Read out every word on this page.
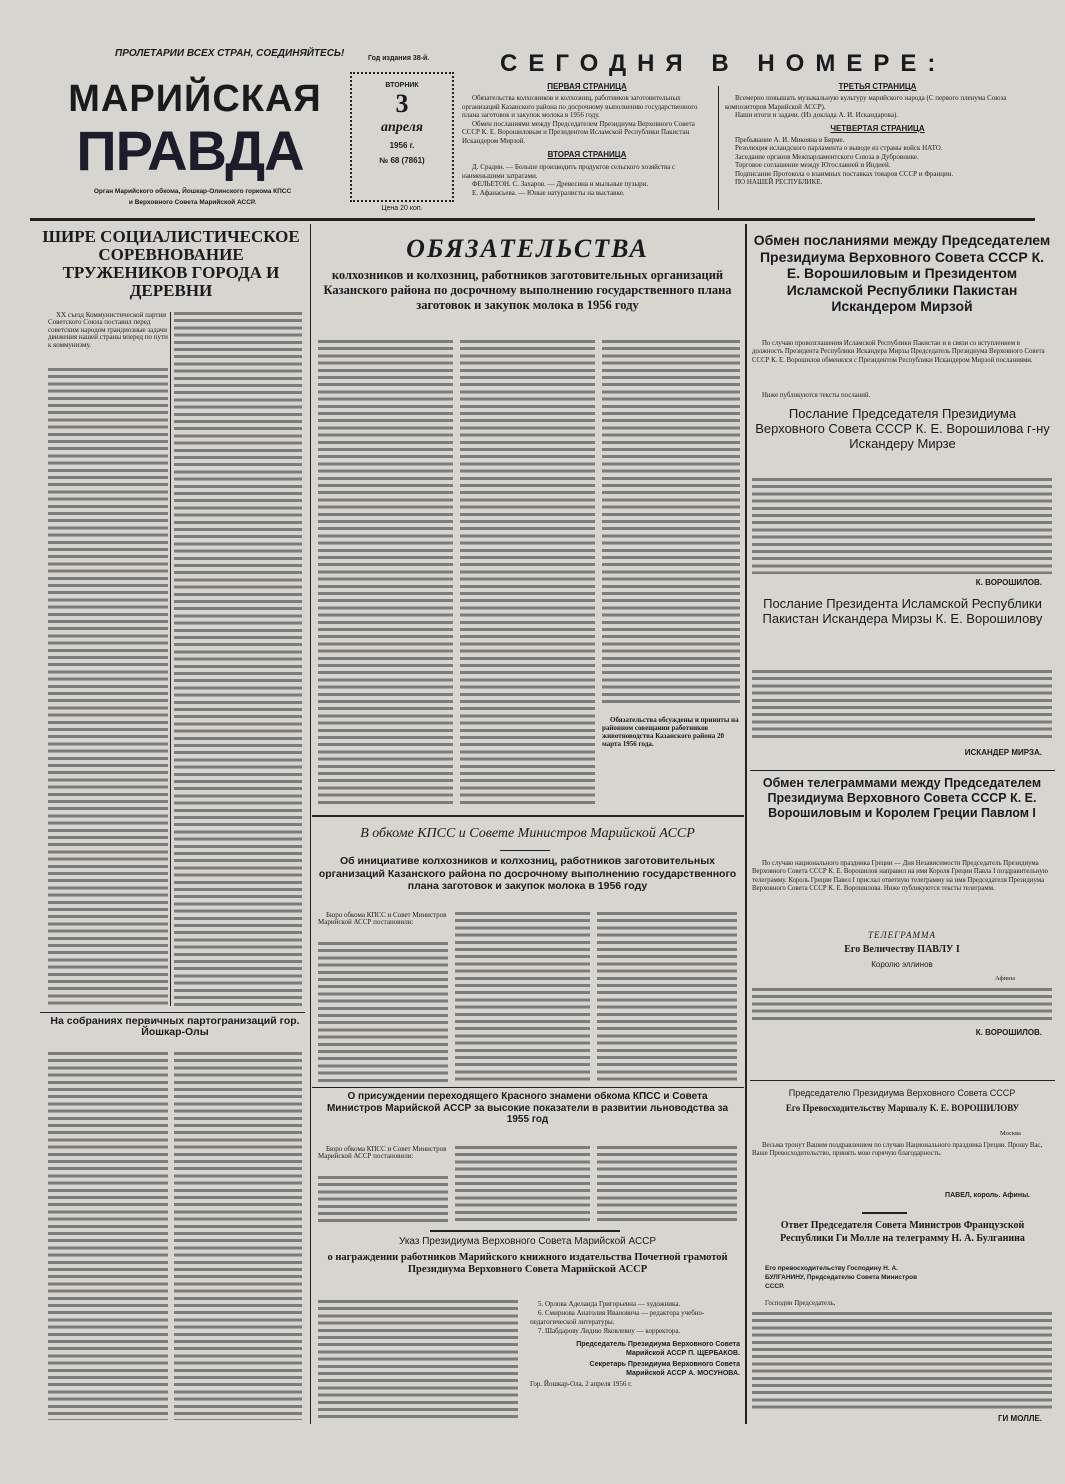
ПРОЛЕТАРИИ ВСЕХ СТРАН, СОЕДИНЯЙТЕСЬ!
МАРИЙСКАЯ
ПРАВДА
Орган Марийского обкома, Йошкар-Олинского горкома КПСС
и Верховного Совета Марийской АССР.
Год издания 38-й.
ВТОРНИК
3
апреля
1956 г.
№ 68 (7861)
Цена 20 коп.
СЕГОДНЯ В НОМЕРЕ:
ПЕРВАЯ СТРАНИЦА
Обязательства колхозников и колхозниц, работников заготовительных организаций Казанского района по досрочному выполнению государственного плана заготовок и закупок молока в 1956 году.
Обмен посланиями между Председателем Президиума Верховного Совета СССР К. Е. Ворошиловым и Президентом Исламской Республики Пакистан Искандером Мирзой.
ВТОРАЯ СТРАНИЦА
Д. Срадин. — Больше производить продуктов сельского хозяйства с наименьшими затратами.
ФЕЛЬЕТОН. С. Захаров. — Древесина и мыльные пузыри.
Е. Афанасьева. — Юные натуралисты на выставке.
ТРЕТЬЯ СТРАНИЦА
Всемерно повышать музыкальную культуру марийского народа (С первого пленума Союза композиторов Марийской АССР).
Наши итоги и задачи. (Из доклада А. И. Искандарова).
ЧЕТВЕРТАЯ СТРАНИЦА
Пребывание А. И. Микояна в Бирме.
Резолюция исландского парламента о выводе из страны войск НАТО.
Заседание органов Межпарламентского Союза в Дубровнике.
Торговое соглашение между Югославией и Индией.
Подписание Протокола о взаимных поставках товаров СССР и Франции.
ПО НАШЕЙ РЕСПУБЛИКЕ.
ШИРЕ СОЦИАЛИСТИЧЕСКОЕ СОРЕВНОВАНИЕ ТРУЖЕНИКОВ ГОРОДА И ДЕРЕВНИ
XX съезд Коммунистической партии Советского Союза поставил перед советским народом грандиозные задачи движения нашей страны вперед по пути к коммунизму.
На собраниях первичных партогранизаций гор. Йошкар-Олы
ОБЯЗАТЕЛЬСТВА
колхозников и колхозниц, работников заготовительных организаций Казанского района по досрочному выполнению государственного плана заготовок и закупок молока в 1956 году
Обязательства обсуждены и приняты на районном совещании работников животноводства Казанского района 20 марта 1956 года.
В обкоме КПСС и Совете Министров Марийской АССР
Об инициативе колхозников и колхозниц, работников заготовительных организаций Казанского района по досрочному выполнению государственного плана заготовок и закупок молока в 1956 году
Бюро обкома КПСС и Совет Министров Марийской АССР постановили:
О присуждении переходящего Красного знамени обкома КПСС и Совета Министров Марийской АССР за высокие показатели в развитии льноводства за 1955 год
Бюро обкома КПСС и Совет Министров Марийской АССР постановили:
Указ Президиума Верховного Совета Марийской АССР
о награждении работников Марийского книжного издательства Почетной грамотой Президиума Верховного Совета Марийской АССР
5. Орлова Аделаида Григорьевна — художника.
6. Смирнова Анатолия Ивановича — редактора учебно-педагогической литературы.
7. Шабдарову Лидию Яковлевну — корректора.
Председатель Президиума Верховного Совета Марийской АССР П. ЩЕРБАКОВ.
Секретарь Президиума Верховного Совета Марийской АССР А. МОСУНОВА.
Гор. Йошкар-Ола, 2 апреля 1956 г.
Обмен посланиями между Председателем Президиума Верховного Совета СССР К. Е. Ворошиловым и Президентом Исламской Республики Пакистан Искандером Мирзой
По случаю провозглашения Исламской Республики Пакистан и в связи со вступлением в должность Президента Республики Искандера Мирзы Председатель Президиума Верховного Совета СССР К. Е. Ворошилов обменялся с Президентом Республики Искандером Мирзой посланиями.
Ниже публикуются тексты посланий.
Послание Председателя Президиума Верховного Совета СССР К. Е. Ворошилова г-ну Искандеру Мирзе
К. ВОРОШИЛОВ.
Послание Президента Исламской Республики Пакистан Искандера Мирзы К. Е. Ворошилову
ИСКАНДЕР МИРЗА.
Обмен телеграммами между Председателем Президиума Верховного Совета СССР К. Е. Ворошиловым и Королем Греции Павлом I
По случаю национального праздника Греции — Дня Независимости Председатель Президиума Верховного Совета СССР К. Е. Ворошилов направил на имя Короля Греции Павла I поздравительную телеграмму. Король Греции Павел I прислал ответную телеграмму на имя Председателя Президиума Верховного Совета СССР К. Е. Ворошилова. Ниже публикуются тексты телеграмм.
ТЕЛЕГРАММА
Его Величеству ПАВЛУ I
Королю эллинов
Афины
К. ВОРОШИЛОВ.
Председателю Президиума Верховного Совета СССР
Его Превосходительству Маршалу К. Е. ВОРОШИЛОВУ
Москва
Весьма тронут Вашим поздравлением по случаю Национального праздника Греции. Прошу Вас, Ваше Превосходительство, принять мою горячую благодарность.
ПАВЕЛ, король. Афины.
Ответ Председателя Совета Министров Французской Республики Ги Молле на телеграмму Н. А. Булганина
Его превосходительству Господину Н. А. БУЛГАНИНУ, Председателю Совета Министров СССР.
Господин Председатель,
ГИ МОЛЛЕ.
